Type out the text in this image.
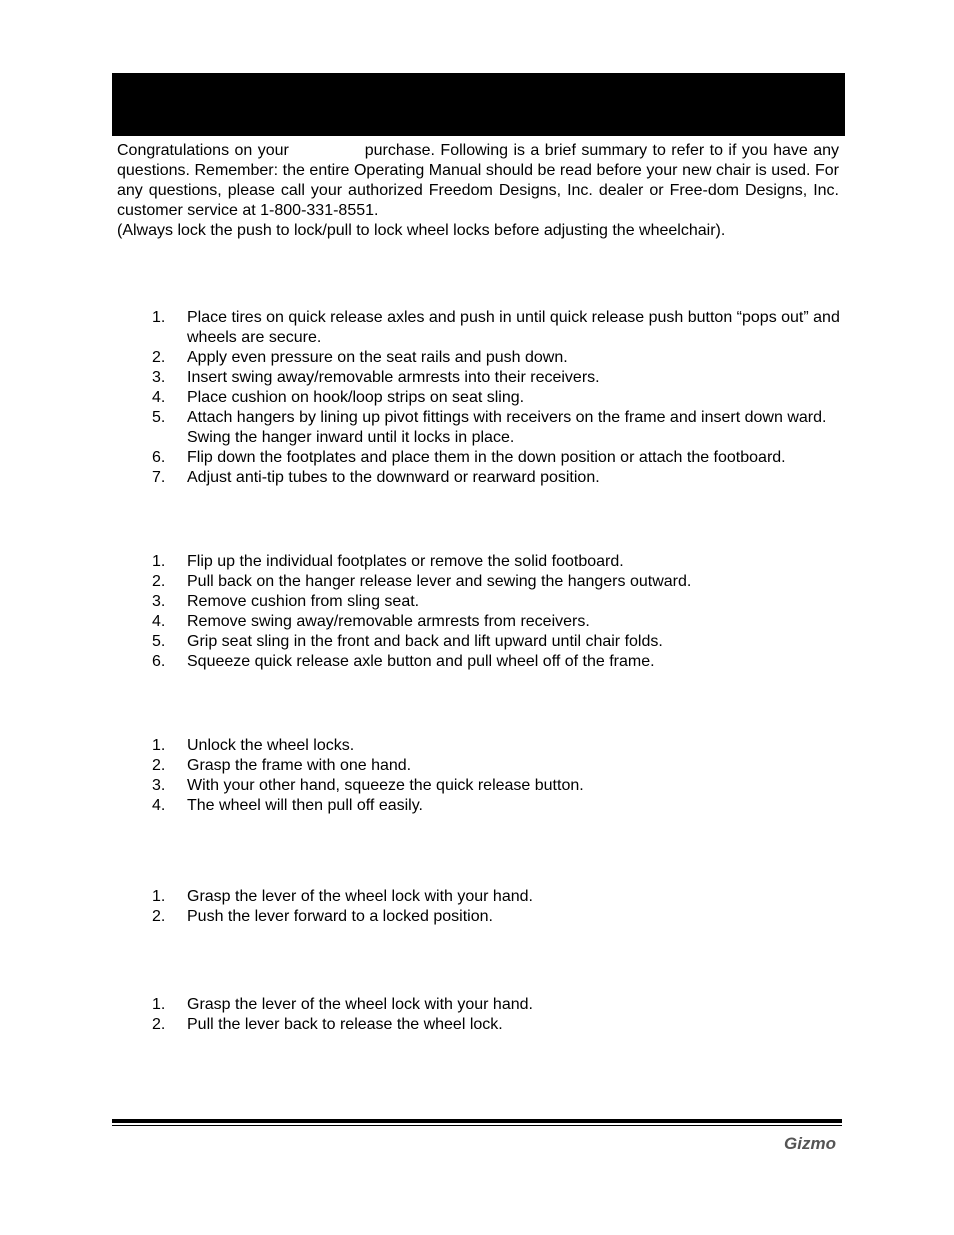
Congratulations on your	purchase. Following is a brief summary to refer to if you have any questions. Remember: the entire Operating Manual should be read before your new chair is used. For any questions, please call your authorized Freedom Designs, Inc. dealer or Free-dom Designs, Inc. customer service at 1-800-331-8551.

(Always lock the push to lock/pull to lock wheel locks before adjusting the wheelchair).

1. Place tires on quick release axles and push in until quick release push button “pops out” and wheels are secure.
2. Apply even pressure on the seat rails and push down.
3. Insert swing away/removable armrests into their receivers.
4. Place cushion on hook/loop strips on seat sling.
5. Attach hangers by lining up pivot fittings with receivers on the frame and insert down ward. Swing the hanger inward until it locks in place.
6. Flip down the footplates and place them in the down position or attach the footboard.
7. Adjust anti-tip tubes to the downward or rearward position.
1. Flip up the individual footplates or remove the solid footboard.
2. Pull back on the hanger release lever and sewing the hangers outward.
3. Remove cushion from sling seat.
4. Remove swing away/removable armrests from receivers.
5. Grip seat sling in the front and back and lift upward until chair folds.
6. Squeeze quick release axle button and pull wheel off of the frame.
1. Unlock the wheel locks.
2. Grasp the frame with one hand.
3. With your other hand, squeeze the quick release button.
4. The wheel will then pull off easily.
1. Grasp the lever of the wheel lock with your hand.
2. Push the lever forward to a locked position.
1. Grasp the lever of the wheel lock with your hand.
2. Pull the lever back to release the wheel lock.
Gizmo
